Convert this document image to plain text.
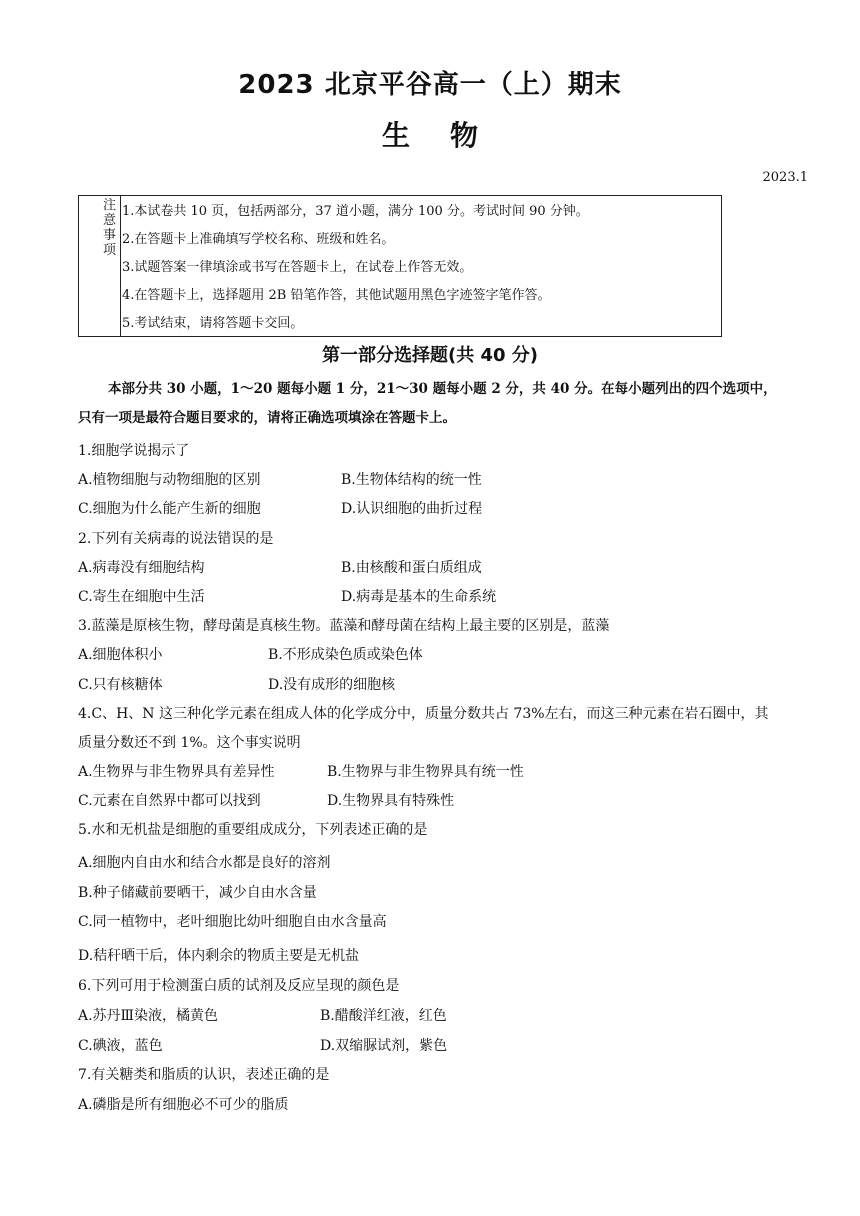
2023 北京平谷高一（上）期末
生物
2023.1
注意事项
1.本试卷共 10 页，包括两部分，37 道小题，满分 100 分。考试时间 90 分钟。
2.在答题卡上准确填写学校名称、班级和姓名。
3.试题答案一律填涂或书写在答题卡上，在试卷上作答无效。
4.在答题卡上，选择题用 2B 铅笔作答，其他试题用黑色字迹签字笔作答。
5.考试结束，请将答题卡交回。
第一部分选择题(共 40 分)
本部分共 30 小题，1～20 题每小题 1 分，21～30 题每小题 2 分，共 40 分。在每小题列出的四个选项中，只有一项是最符合题目要求的，请将正确选项填涂在答题卡上。
1.细胞学说揭示了
A.植物细胞与动物细胞的区别	B.生物体结构的统一性
C.细胞为什么能产生新的细胞	D.认识细胞的曲折过程
2.下列有关病毒的说法错误的是
A.病毒没有细胞结构	B.由核酸和蛋白质组成
C.寄生在细胞中生活	D.病毒是基本的生命系统
3.蓝藻是原核生物，酵母菌是真核生物。蓝藻和酵母菌在结构上最主要的区别是，蓝藻
A.细胞体积小	B.不形成染色质或染色体
C.只有核糖体	D.没有成形的细胞核
4.C、H、N 这三种化学元素在组成人体的化学成分中，质量分数共占 73%左右，而这三种元素在岩石圈中，其
质量分数还不到 1%。这个事实说明
A.生物界与非生物界具有差异性	B.生物界与非生物界具有统一性
C.元素在自然界中都可以找到	D.生物界具有特殊性
5.水和无机盐是细胞的重要组成成分，下列表述正确的是
A.细胞内自由水和结合水都是良好的溶剂
B.种子储藏前要晒干，减少自由水含量
C.同一植物中，老叶细胞比幼叶细胞自由水含量高
D.秸秆晒干后，体内剩余的物质主要是无机盐
6.下列可用于检测蛋白质的试剂及反应呈现的颜色是
A.苏丹Ⅲ染液，橘黄色	B.醋酸洋红液，红色
C.碘液，蓝色	D.双缩脲试剂，紫色
7.有关糖类和脂质的认识，表述正确的是
A.磷脂是所有细胞必不可少的脂质
